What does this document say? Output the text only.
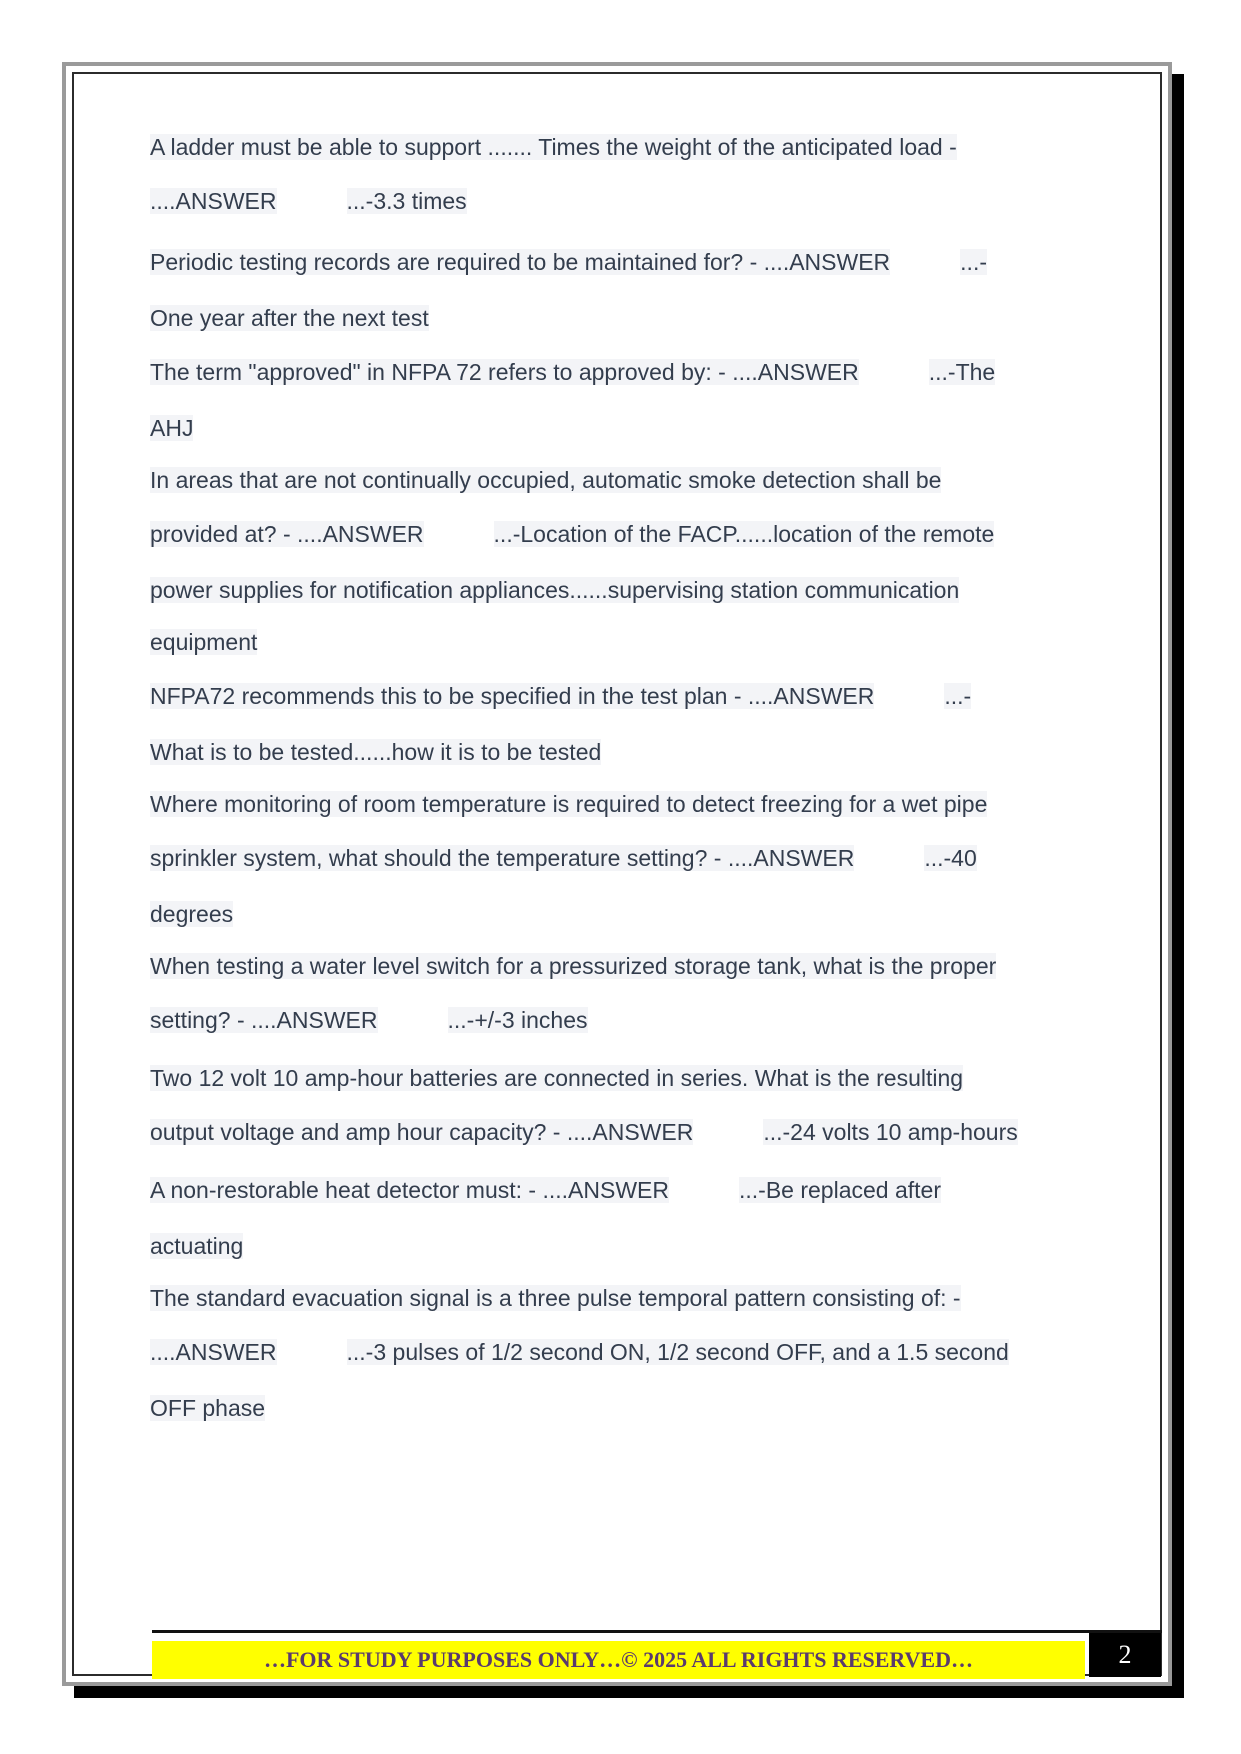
A ladder must be able to support ....... Times the weight of the anticipated load -
....ANSWER	...-3.3 times
Periodic testing records are required to be maintained for? - ....ANSWER	...-
One year after the next test
The term "approved" in NFPA 72 refers to approved by: - ....ANSWER	...-The
AHJ
In areas that are not continually occupied, automatic smoke detection shall be
provided at? - ....ANSWER	...-Location of the FACP......location of the remote
power supplies for notification appliances......supervising station communication
equipment
NFPA72 recommends this to be specified in the test plan - ....ANSWER	...-
What is to be tested......how it is to be tested
Where monitoring of room temperature is required to detect freezing for a wet pipe
sprinkler system, what should the temperature setting? - ....ANSWER	...-40
degrees
When testing a water level switch for a pressurized storage tank, what is the proper
setting? - ....ANSWER	...-+/-3 inches
Two 12 volt 10 amp-hour batteries are connected in series. What is the resulting
output voltage and amp hour capacity? - ....ANSWER	...-24 volts 10 amp-hours
A non-restorable heat detector must: - ....ANSWER	...-Be replaced after
actuating
The standard evacuation signal is a three pulse temporal pattern consisting of: -
....ANSWER	...-3 pulses of 1/2 second ON, 1/2 second OFF, and a 1.5 second
OFF phase
…FOR STUDY PURPOSES ONLY…© 2025 ALL RIGHTS RESERVED…	2
